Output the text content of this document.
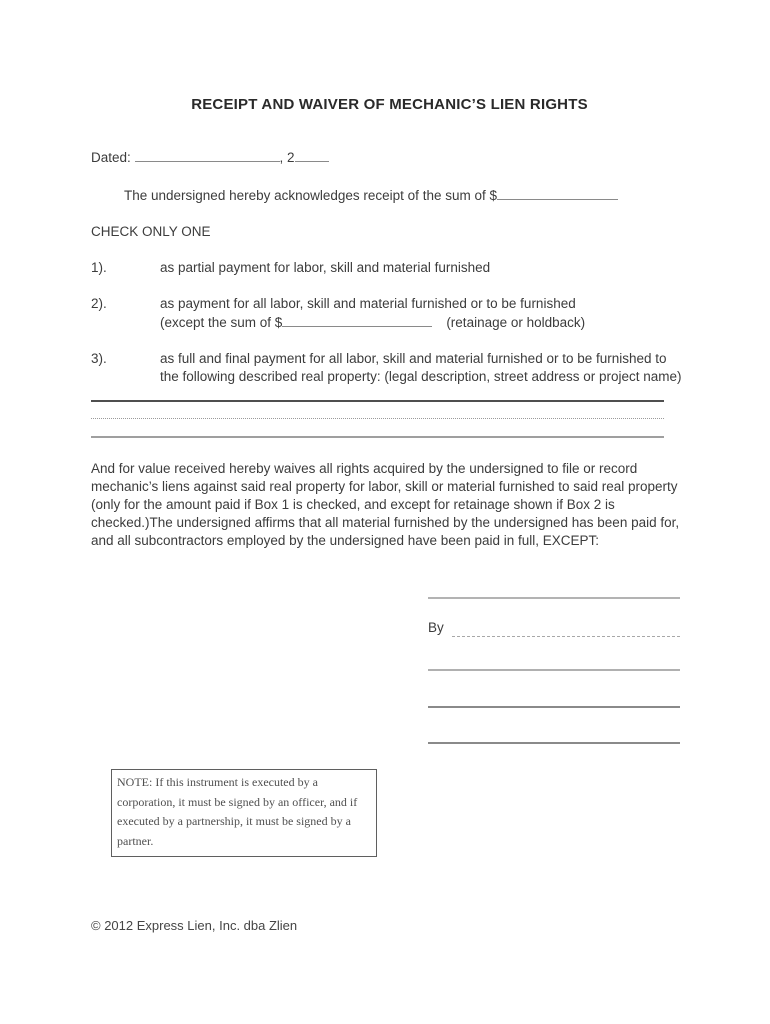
RECEIPT AND WAIVER OF MECHANIC’S LIEN RIGHTS
Dated:	, 2
The undersigned hereby acknowledges receipt of the sum of $
CHECK ONLY ONE
1).	as partial payment for labor, skill and material furnished
2).	as payment for all labor, skill and material furnished or to be furnished
(except the sum of $	(retainage or holdback)
3).	as full and final payment for all labor, skill and material furnished or to be furnished to the following described real property: (legal description, street address or project name)
And for value received hereby waives all rights acquired by the undersigned to file or record mechanic’s liens against said real property for labor, skill or material furnished to said real property (only for the amount paid if Box 1 is checked, and except for retainage shown if Box 2 is checked.)The undersigned affirms that all material furnished by the undersigned has been paid for, and all subcontractors employed by the undersigned have been paid in full, EXCEPT:
By
NOTE: If this instrument is executed by a corporation, it must be signed by an officer, and if executed by a partnership, it must be signed by a partner.
© 2012 Express Lien, Inc. dba Zlien
